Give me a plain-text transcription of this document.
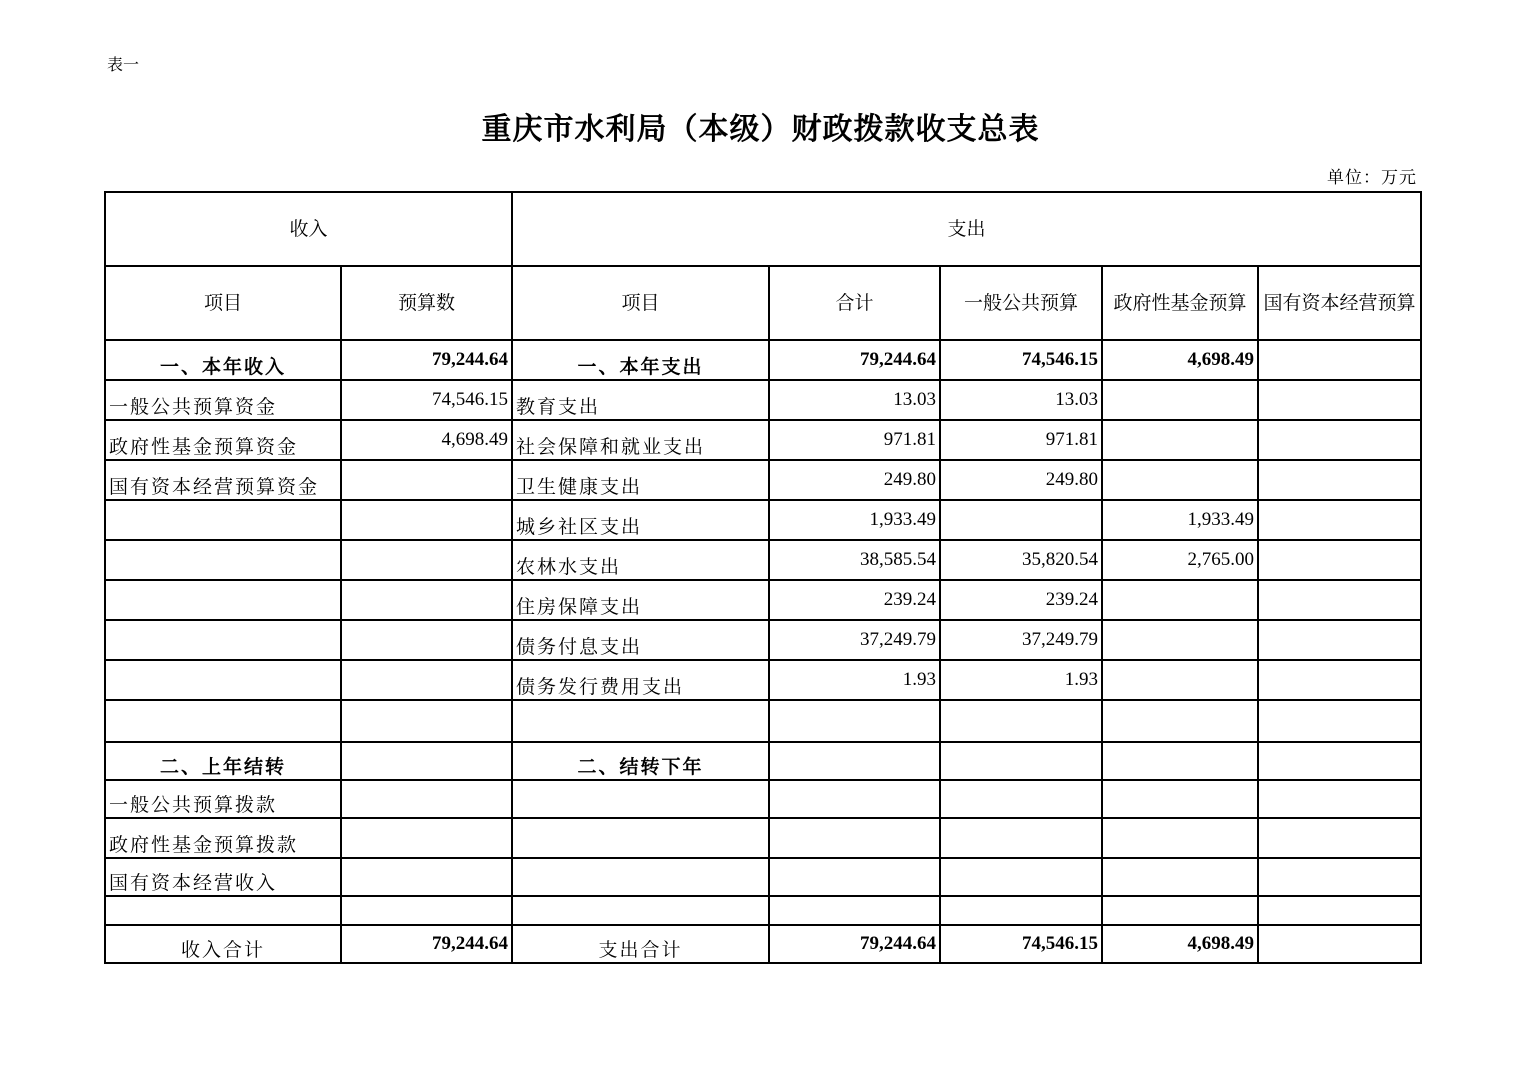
表一
重庆市水利局（本级）财政拨款收支总表
单位：万元
收入		支出				
项目	预算数	项目	合计	一般公共预算	政府性基金预算	国有资本经营预算
一、本年收入	79,244.64	一、本年支出	79,244.64	74,546.15	4,698.49	
一般公共预算资金	74,546.15	教育支出	13.03	13.03		
政府性基金预算资金	4,698.49	社会保障和就业支出	971.81	971.81		
国有资本经营预算资金		卫生健康支出	249.80	249.80		
		城乡社区支出	1,933.49		1,933.49	
		农林水支出	38,585.54	35,820.54	2,765.00	
		住房保障支出	239.24	239.24		
		债务付息支出	37,249.79	37,249.79		
		债务发行费用支出	1.93	1.93		

二、上年结转		二、结转下年				
一般公共预算拨款						
政府性基金预算拨款						
国有资本经营收入						

收入合计	79,244.64	支出合计	79,244.64	74,546.15	4,698.49	
